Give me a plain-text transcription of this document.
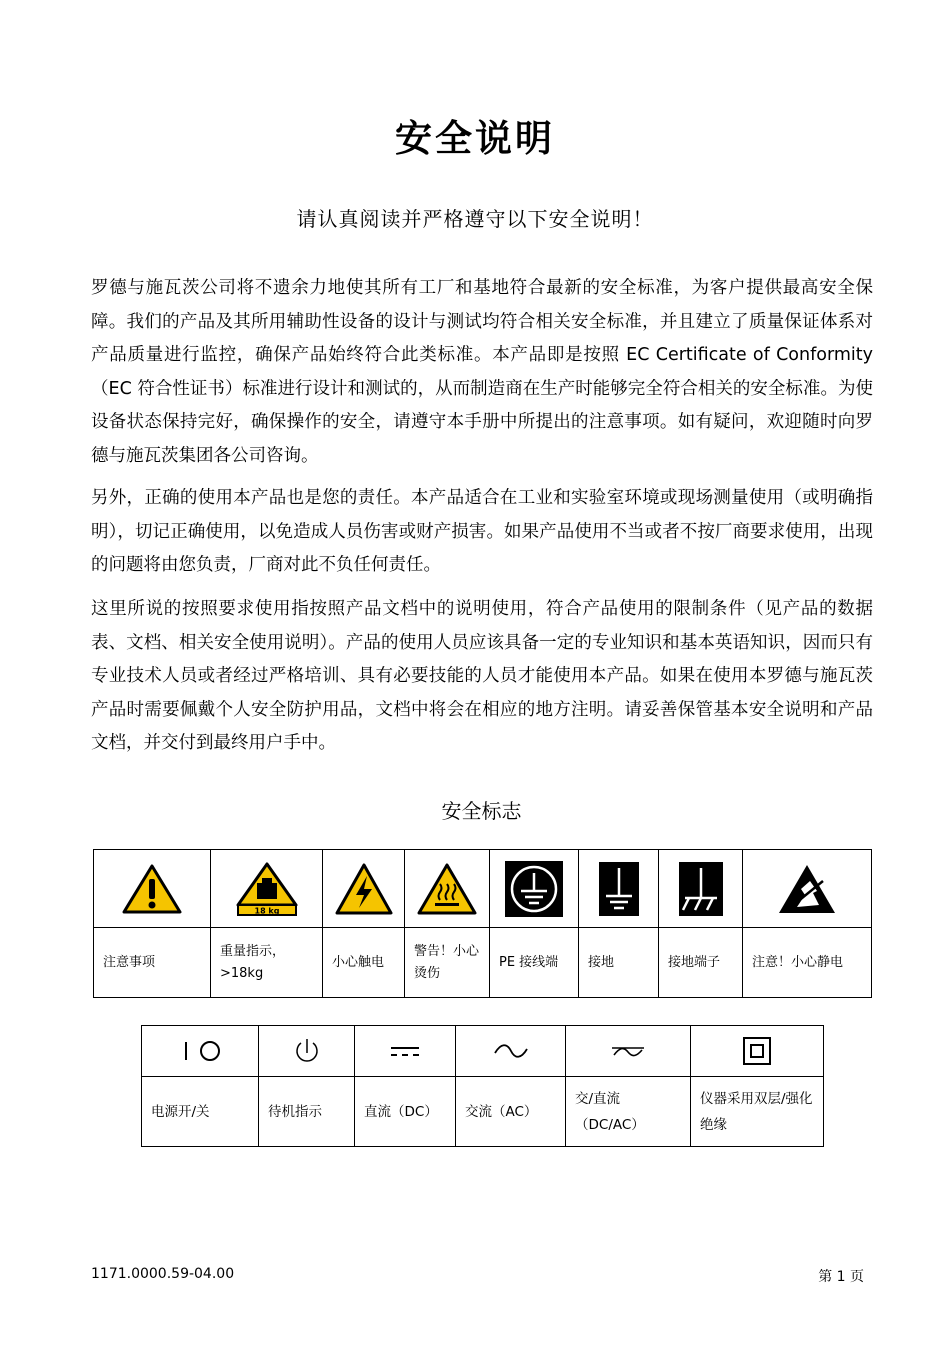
安全说明
请认真阅读并严格遵守以下安全说明！

罗德与施瓦茨公司将不遗余力地使其所有工厂和基地符合最新的安全标准，为客户提供最高安全保障。我们的产品及其所用辅助性设备的设计与测试均符合相关安全标准，并且建立了质量保证体系对产品质量进行监控，确保产品始终符合此类标准。本产品即是按照 EC Certificate of Conformity（EC 符合性证书）标准进行设计和测试的，从而制造商在生产时能够完全符合相关的安全标准。为使设备状态保持完好，确保操作的安全，请遵守本手册中所提出的注意事项。如有疑问，欢迎随时向罗德与施瓦茨集团各公司咨询。

另外，正确的使用本产品也是您的责任。本产品适合在工业和实验室环境或现场测量使用（或明确指明），切记正确使用，以免造成人员伤害或财产损害。如果产品使用不当或者不按厂商要求使用，出现的问题将由您负责，厂商对此不负任何责任。

这里所说的按照要求使用指按照产品文档中的说明使用，符合产品使用的限制条件（见产品的数据表、文档、相关安全使用说明）。产品的使用人员应该具备一定的专业知识和基本英语知识，因而只有专业技术人员或者经过严格培训、具有必要技能的人员才能使用本产品。如果在使用本罗德与施瓦茨产品时需要佩戴个人安全防护用品，文档中将会在相应的地方注明。请妥善保管基本安全说明和产品文档，并交付到最终用户手中。

安全标志

18 kg

注意事项	重量指示，>18kg	小心触电	警告！小心烫伤	PE 接线端	接地	接地端子	注意！小心静电

电源开/关	待机指示	直流（DC）	交流（AC）	交/直流（DC/AC）	仪器采用双层/强化绝缘
1171.0000.59-04.00	第 1 页
